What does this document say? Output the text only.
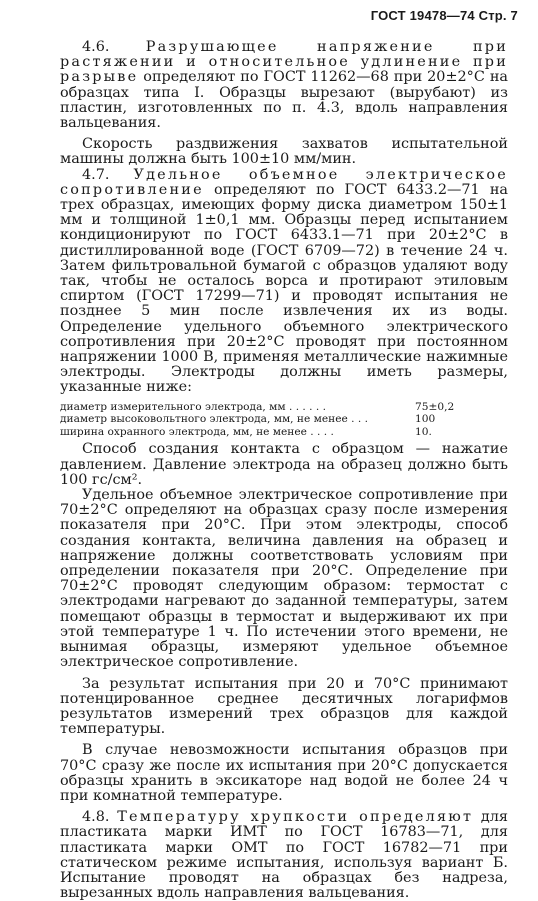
ГОСТ 19478—74 Стр. 7

4.6.	Разрушающее напряжение при растяжении и относительное удлинение при разрыве определяют по ГОСТ 11262—68 при 20±2°С на образцах типа I. Образцы вырезают (вырубают) из пластин, изготовленных по п. 4.3, вдоль направления вальцевания.

Скорость раздвижения захватов испытательной машины должна быть 100±10 мм/мин.

4.7. Удельное объемное электрическое сопротивление определяют по ГОСТ 6433.2—71 на трех образцах, имеющих форму диска диаметром 150±1 мм и толщиной 1±0,1 мм. Образцы перед испытанием кондиционируют по ГОСТ 6433.1—71 при 20±2°С в дистиллированной воде (ГОСТ 6709—72) в течение 24 ч. Затем фильтровальной бумагой с образцов удаляют воду так, чтобы не осталось ворса и протирают этиловым спиртом (ГОСТ 17299—71) и проводят испытания не позднее 5 мин после извлечения их из воды. Определение удельного объемного электрического сопротивления при 20±2°С проводят при постоянном напряжении 1000 В, применяя металлические нажимные электроды. Электроды должны иметь размеры, указанные ниже:

диаметр измерительного электрода, мм . . . . . .	75±0,2
диаметр высоковольтного электрода, мм, не менее . . .	100
ширина охранного электрода, мм, не менее . . . .	10.

Способ создания контакта с образцом — нажатие давлением. Давление электрода на образец должно быть 100 гс/см².

Удельное объемное электрическое сопротивление при 70±2°С определяют на образцах сразу после измерения показателя при 20°С. При этом электроды, способ создания контакта, величина давления на образец и напряжение должны соответствовать условиям при определении показателя при 20°С. Определение при 70±2°С проводят следующим образом: термостат с электродами нагревают до заданной температуры, затем помещают образцы в термостат и выдерживают их при этой температуре 1 ч. По истечении этого времени, не вынимая образцы, измеряют удельное объемное электрическое сопротивление.

За результат испытания при 20 и 70°С принимают потенцированное среднее десятичных логарифмов результатов измерений трех образцов для каждой температуры.

В случае невозможности испытания образцов при 70°С сразу же после их испытания при 20°С допускается образцы хранить в эксикаторе над водой не более 24 ч при комнатной температуре.

4.8. Температуру хрупкости определяют для пластиката марки ИМТ по ГОСТ 16783—71, для пластиката марки ОМТ по ГОСТ 16782—71 при статическом режиме испытания, используя вариант Б. Испытание проводят на образцах без надреза, вырезанных вдоль направления вальцевания.
